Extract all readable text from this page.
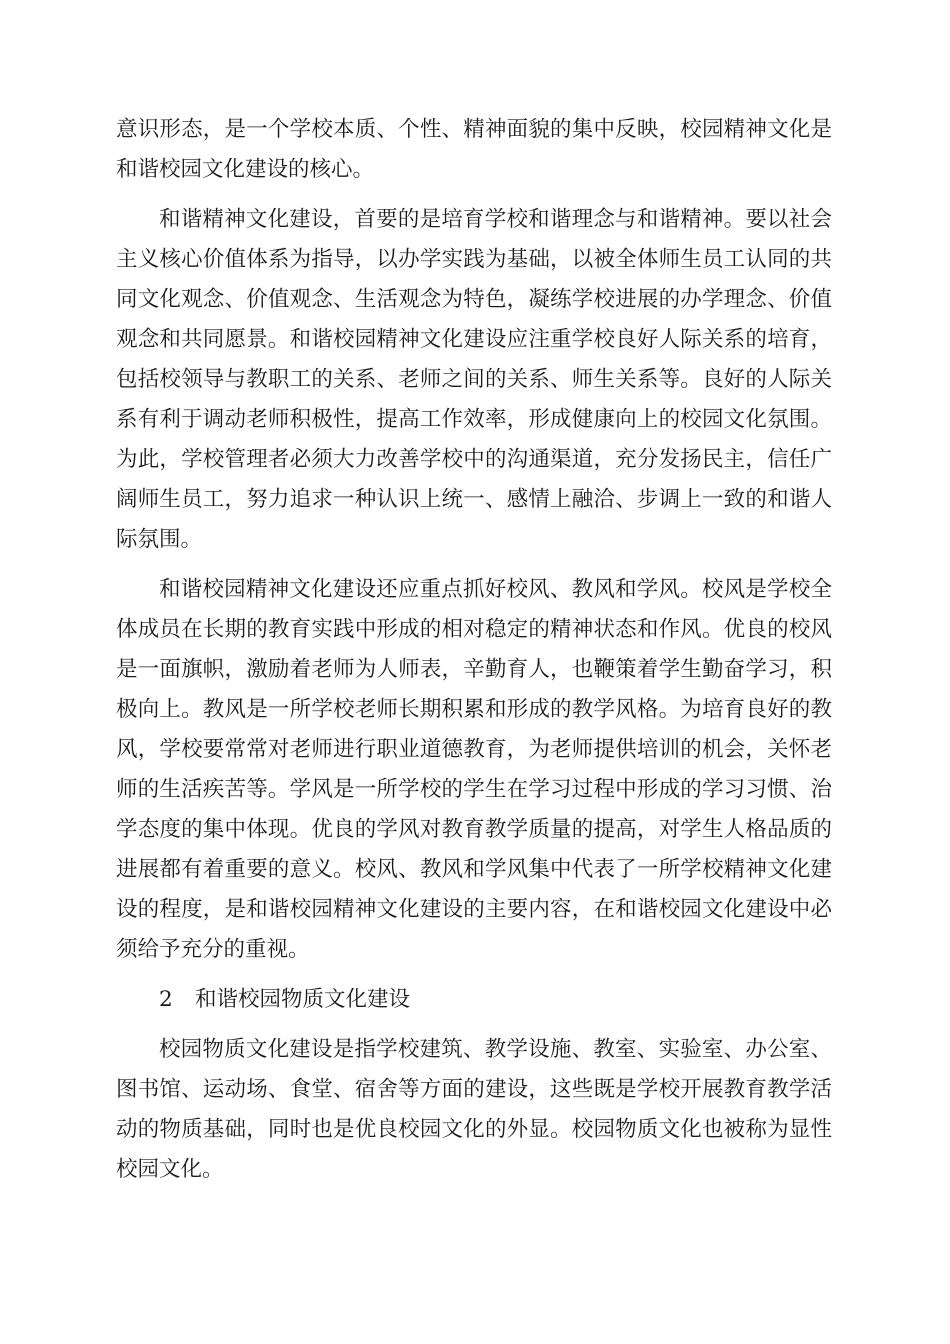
意识形态，是一个学校本质、个性、精神面貌的集中反映，校园精神文化是和谐校园文化建设的核心。

和谐精神文化建设，首要的是培育学校和谐理念与和谐精神。要以社会主义核心价值体系为指导，以办学实践为基础，以被全体师生员工认同的共同文化观念、价值观念、生活观念为特色，凝练学校进展的办学理念、价值观念和共同愿景。和谐校园精神文化建设应注重学校良好人际关系的培育，包括校领导与教职工的关系、老师之间的关系、师生关系等。良好的人际关系有利于调动老师积极性，提高工作效率，形成健康向上的校园文化氛围。为此，学校管理者必须大力改善学校中的沟通渠道，充分发扬民主，信任广阔师生员工，努力追求一种认识上统一、感情上融洽、步调上一致的和谐人际氛围。

和谐校园精神文化建设还应重点抓好校风、教风和学风。校风是学校全体成员在长期的教育实践中形成的相对稳定的精神状态和作风。优良的校风是一面旗帜，激励着老师为人师表，辛勤育人，也鞭策着学生勤奋学习，积极向上。教风是一所学校老师长期积累和形成的教学风格。为培育良好的教风，学校要常常对老师进行职业道德教育，为老师提供培训的机会，关怀老师的生活疾苦等。学风是一所学校的学生在学习过程中形成的学习习惯、治学态度的集中体现。优良的学风对教育教学质量的提高，对学生人格品质的进展都有着重要的意义。校风、教风和学风集中代表了一所学校精神文化建设的程度，是和谐校园精神文化建设的主要内容，在和谐校园文化建设中必须给予充分的重视。

2 和谐校园物质文化建设

校园物质文化建设是指学校建筑、教学设施、教室、实验室、办公室、图书馆、运动场、食堂、宿舍等方面的建设，这些既是学校开展教育教学活动的物质基础，同时也是优良校园文化的外显。校园物质文化也被称为显性校园文化。
